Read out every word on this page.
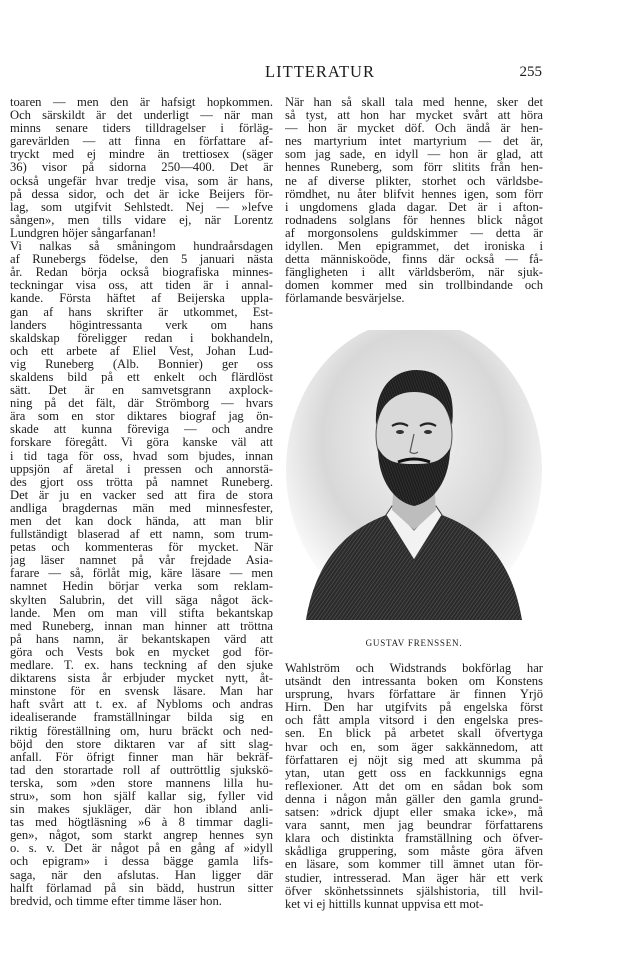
LITTERATUR	255
toaren — men den är hafsigt hopkommen.
Och särskildt är det underligt — när man
minns senare tiders tilldragelser i förläg-
garevärlden — att finna en författare af-
tryckt med ej mindre än trettiosex (säger
36) visor på sidorna 250—400. Det är
också ungefär hvar tredje visa, som är hans,
på dessa sidor, och det är icke Beijers för-
lag, som utgifvit Sehlstedt. Nej — »lefve
sången», men tills vidare ej, när Lorentz
Lundgren höjer sångarfanan!
Vi nalkas så småningom hundraårsdagen
af Runebergs födelse, den 5 januari nästa
år. Redan börja också biografiska minnes-
teckningar visa oss, att tiden är i annal-
kande. Första häftet af Beijerska uppla-
gan af hans skrifter är utkommet, Est-
landers högintressanta verk om hans
skaldskap föreligger redan i bokhandeln,
och ett arbete af Eliel Vest, Johan Lud-
vig Runeberg (Alb. Bonnier) ger oss
skaldens bild på ett enkelt och flärdlöst
sätt. Det är en samvetsgrann axplock-
ning på det fält, där Strömborg — hvars
ära som en stor diktares biograf jag ön-
skade att kunna föreviga — och andre
forskare föregått. Vi göra kanske väl att
i tid taga för oss, hvad som bjudes, innan
uppsjön af äretal i pressen och annorstä-
des gjort oss trötta på namnet Runeberg.
Det är ju en vacker sed att fira de stora
andliga bragdernas män med minnesfester,
men det kan dock hända, att man blir
fullständigt blaserad af ett namn, som trum-
petas och kommenteras för mycket. När
jag läser namnet på vår frejdade Asia-
farare — så, förlåt mig, käre läsare — men
namnet Hedin börjar verka som reklam-
skylten Salubrin, det vill säga något äck-
lande. Men om man vill stifta bekantskap
med Runeberg, innan man hinner att tröttna
på hans namn, är bekantskapen värd att
göra och Vests bok en mycket god för-
medlare. T. ex. hans teckning af den sjuke
diktarens sista år erbjuder mycket nytt, åt-
minstone för en svensk läsare. Man har
haft svårt att t. ex. af Nybloms och andras
idealiserande framställningar bilda sig en
riktig föreställning om, huru bräckt och ned-
böjd den store diktaren var af sitt slag-
anfall. För öfrigt finner man här bekräf-
tad den storartade roll af outtröttlig sjukskö-
terska, som »den store mannens lilla hu-
stru», som hon själf kallar sig, fyller vid
sin makes sjukläger, där hon ibland anli-
tas med högtläsning »6 à 8 timmar dagli-
gen», något, som starkt angrep hennes syn
o. s. v. Det är något på en gång af »idyll
och epigram» i dessa bägge gamla lifs-
saga, när den afslutas. Han ligger där
halft förlamad på sin bädd, hustrun sitter
bredvid, och timme efter timme läser hon.
När han så skall tala med henne, sker det
så tyst, att hon har mycket svårt att höra
— hon är mycket döf. Och ändå är hen-
nes martyrium intet martyrium — det är,
som jag sade, en idyll — hon är glad, att
hennes Runeberg, som förr slitits från hen-
ne af diverse plikter, storhet och världsbe-
römdhet, nu åter blifvit hennes igen, som förr
i ungdomens glada dagar. Det är i afton-
rodnadens solglans för hennes blick något
af morgonsolens guldskimmer — detta är
idyllen. Men epigrammet, det ironiska i
detta människoöde, finns där också — få-
fängligheten i allt världsberöm, när sjuk-
domen kommer med sin trollbindande och
förlamande besvärjelse.
GUSTAV FRENSSEN.
Wahlström och Widstrands bokförlag har
utsändt den intressanta boken om Konstens
ursprung, hvars författare är finnen Yrjö
Hirn. Den har utgifvits på engelska först
och fått ampla vitsord i den engelska pres-
sen. En blick på arbetet skall öfvertyga
hvar och en, som äger sakkännedom, att
författaren ej nöjt sig med att skumma på
ytan, utan gett oss en fackkunnigs egna
reflexioner. Att det om en sådan bok som
denna i någon mån gäller den gamla grund-
satsen: »drick djupt eller smaka icke», må
vara sannt, men jag beundrar författarens
klara och distinkta framställning och öfver-
skådliga gruppering, som måste göra äfven
en läsare, som kommer till ämnet utan för-
studier, intresserad. Man äger här ett verk
öfver skönhetssinnets själshistoria, till hvil-
ket vi ej hittills kunnat uppvisa ett mot-
